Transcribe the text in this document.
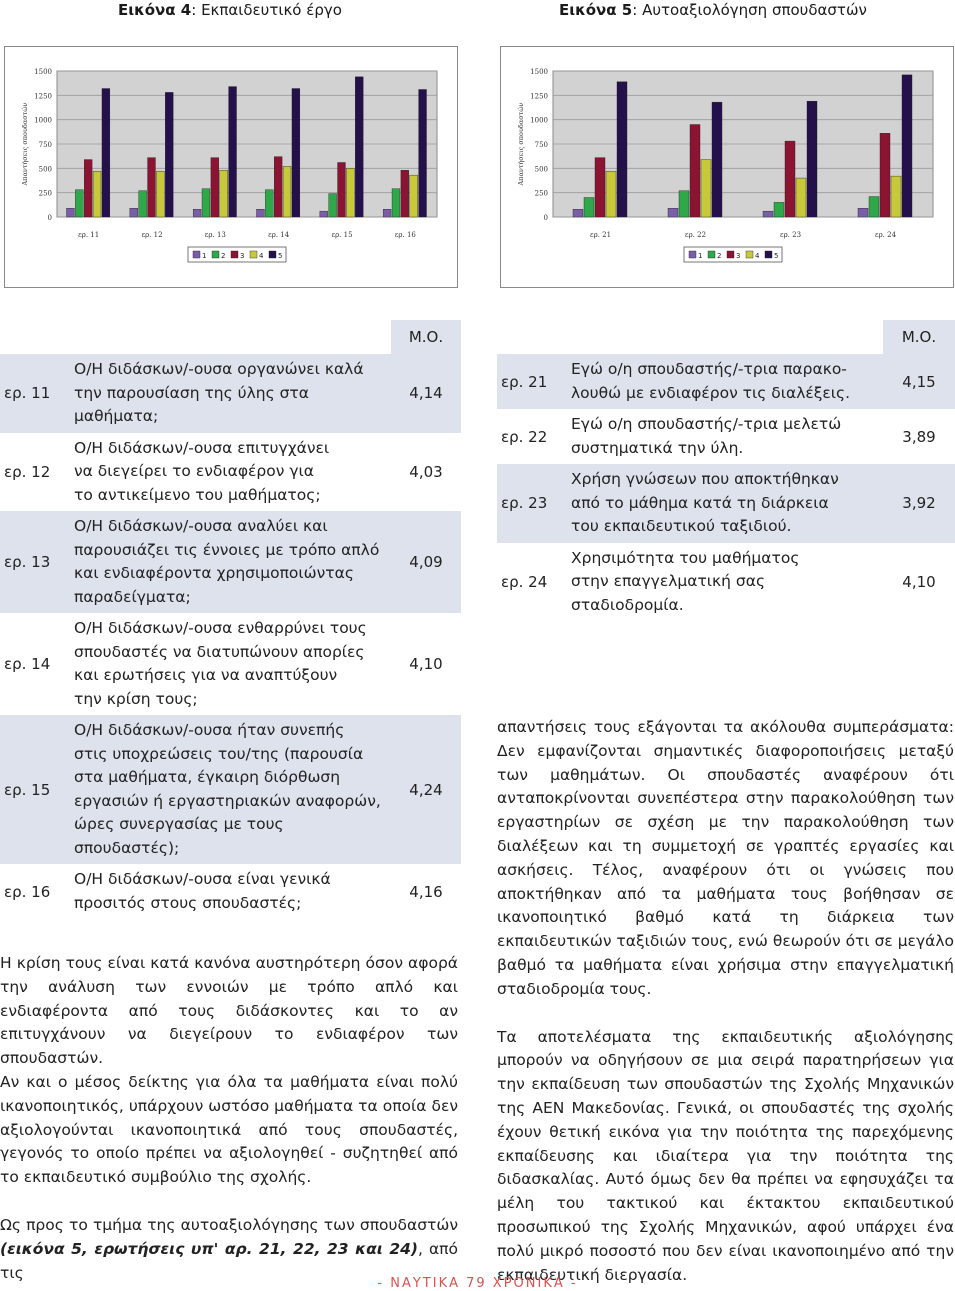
Εικόνα 4: Εκπαιδευτικό έργο	Εικόνα 5: Αυτοαξιολόγηση σπουδαστών
1500
1250
1000
750
500
250
0
Απαντήσεις σπουδαστών
ερ. 11	ερ. 12	ερ. 13	ερ. 14	ερ. 15	ερ. 16
1 2 3 4 5
1500
1250
1000
750
500
250
0
Απαντήσεις σπουδαστών
ερ. 21	ερ. 22	ερ. 23	ερ. 24
1 2 3 4 5
		Μ.Ο.
ερ. 11	Ο/Η διδάσκων/-ουσα οργανώνει καλά
την παρουσίαση της ύλης στα μαθήματα;	4,14
ερ. 12	Ο/Η διδάσκων/-ουσα επιτυγχάνει
να διεγείρει το ενδιαφέρον για
το αντικείμενο του μαθήματος;	4,03
ερ. 13	Ο/Η διδάσκων/-ουσα αναλύει και
παρουσιάζει τις έννοιες με τρόπο απλό
και ενδιαφέροντα χρησιμοποιώντας
παραδείγματα;	4,09
ερ. 14	Ο/Η διδάσκων/-ουσα ενθαρρύνει τους
σπουδαστές να διατυπώνουν απορίες
και ερωτήσεις για να αναπτύξουν
την κρίση τους;	4,10
ερ. 15	Ο/Η διδάσκων/-ουσα ήταν συνεπής
στις υποχρεώσεις του/της (παρουσία
στα μαθήματα, έγκαιρη διόρθωση
εργασιών ή εργαστηριακών αναφορών,
ώρες συνεργασίας με τους σπουδαστές);	4,24
ερ. 16	Ο/Η διδάσκων/-ουσα είναι γενικά
προσιτός στους σπουδαστές;	4,16
		Μ.Ο.
ερ. 21	Εγώ ο/η σπουδαστής/-τρια παρακο-
λουθώ με ενδιαφέρον τις διαλέξεις.	4,15
ερ. 22	Εγώ ο/η σπουδαστής/-τρια μελετώ
συστηματικά την ύλη.	3,89
ερ. 23	Χρήση γνώσεων που αποκτήθηκαν
από το μάθημα κατά τη διάρκεια
του εκπαιδευτικού ταξιδιού.	3,92
ερ. 24	Χρησιμότητα του μαθήματος
στην επαγγελματική σας σταδιοδρομία.	4,10

Η κρίση τους είναι κατά κανόνα αυστηρότερη όσον αφορά την ανάλυση των εννοιών με τρόπο απλό και ενδιαφέροντα από τους διδάσκοντες και το αν επιτυγχάνουν να διεγείρουν το ενδιαφέρον των σπουδαστών.

Αν και ο μέσος δείκτης για όλα τα μαθήματα είναι πολύ ικανοποιητικός, υπάρχουν ωστόσο μαθήματα τα οποία δεν αξιολογούνται ικανοποιητικά από τους σπουδαστές, γεγονός το οποίο πρέπει να αξιολογηθεί - συζητηθεί από το εκπαιδευτικό συμβούλιο της σχολής.

Ως προς το τμήμα της αυτοαξιολόγησης των σπουδαστών (εικόνα 5, ερωτήσεις υπ' αρ. 21, 22, 23 και 24), από τις

απαντήσεις τους εξάγονται τα ακόλουθα συμπεράσματα: Δεν εμφανίζονται σημαντικές διαφοροποιήσεις μεταξύ των μαθημάτων. Οι σπουδαστές αναφέρουν ότι ανταποκρίνονται συνεπέστερα στην παρακολούθηση των εργαστηρίων σε σχέση με την παρακολούθηση των διαλέξεων και τη συμμετοχή σε γραπτές εργασίες και ασκήσεις. Τέλος, αναφέρουν ότι οι γνώσεις που αποκτήθηκαν από τα μαθήματα τους βοήθησαν σε ικανοποιητικό βαθμό κατά τη διάρκεια των εκπαιδευτικών ταξιδιών τους, ενώ θεωρούν ότι σε μεγάλο βαθμό τα μαθήματα είναι χρήσιμα στην επαγγελματική σταδιοδρομία τους.

Τα αποτελέσματα της εκπαιδευτικής αξιολόγησης μπορούν να οδηγήσουν σε μια σειρά παρατηρήσεων για την εκπαίδευση των σπουδαστών της Σχολής Μηχανικών της ΑΕΝ Μακεδονίας. Γενικά, οι σπουδαστές της σχολής έχουν θετική εικόνα για την ποιότητα της παρεχόμενης εκπαίδευσης και ιδιαίτερα για την ποιότητα της διδασκαλίας. Αυτό όμως δεν θα πρέπει να εφησυχάζει τα μέλη του τακτικού και έκτακτου εκπαιδευτικού προσωπικού της Σχολής Μηχανικών, αφού υπάρχει ένα πολύ μικρό ποσοστό που δεν είναι ικανοποιημένο από την εκπαιδευτική διεργασία.

- ΝΑΥΤΙΚΑ 79 ΧΡΟΝΙΚΑ -
